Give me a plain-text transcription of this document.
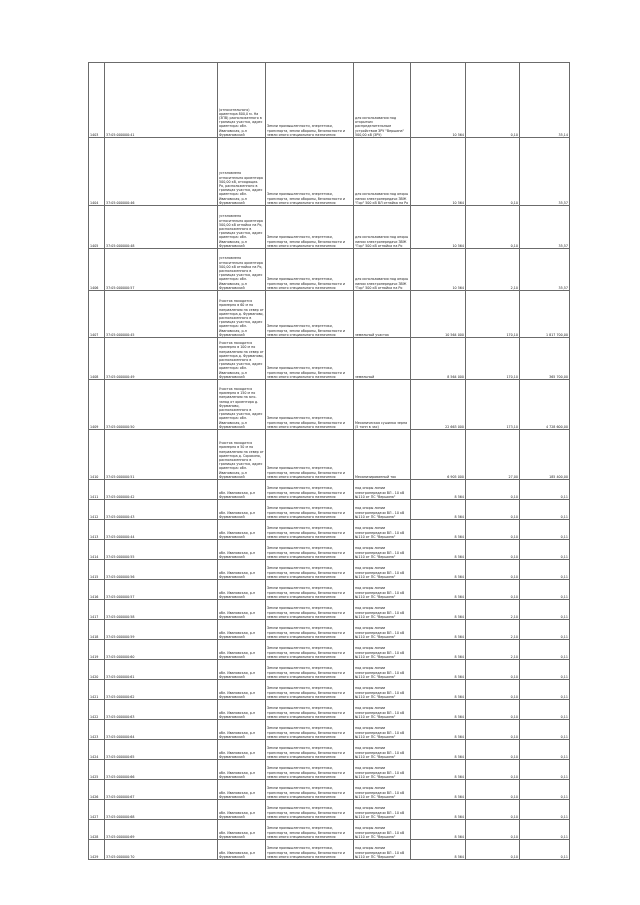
1403	37:05:000000:41	(относительного) ориентира 800,0 м. На (ЗПВ) расположенного в границах участка, адрес ориентира: обл. Ивановская, р-н Фурмановский	Земли промышленности, энергетики, транспорта, земли обороны, безопасности и земли иного специального назначения	для использования под открытым распределительным устройством ЗРУ "Вершина" 500,00 кВ (ЗРУ)	10 564	0,10	35,14
1404	37:05:000000:46	установлено относительно ориентира 500,00 кВ, отходящих. Ро, расположенного в границах участка, адрес ориентира: обл. Ивановская, р-н Фурмановский	Земли промышленности, энергетики, транспорта, земли обороны, безопасности и земли иного специального назначения	для использования под опоры линии электропередачи ЗВЖ "Гор" 500 кВ ВЛ отпайка на Ро	10 564	0,10	35,57
1405	37:05:000000:48	установлено относительно ориентира 500,00 кВ отпайка на Ро, расположенного в границах участка, адрес ориентира: обл. Ивановская, р-н Фурмановский	Земли промышленности, энергетики, транспорта, земли обороны, безопасности и земли иного специального назначения	для использования под опоры линии электропередачи ЗВЖ "Гор" 500 кВ отпайка на Ро	10 564	0,10	35,57
1406	37:05:000000:57	установлено относительно ориентира 500,00 кВ отпайка на Ро, расположенного в границах участка, адрес ориентира: обл. Ивановская, р-н Фурмановский	Земли промышленности, энергетики, транспорта, земли обороны, безопасности и земли иного специального назначения	для использования под опоры линии электропередачи ЗВЖ "Гор" 500 кВ отпайка на Ро	10 564	2,10	35,57
1407	37:05:000000:45	Участок находится примерно в 60 м по направлению на север от ориентира д. Фурманово, расположенного в границах участка, адрес ориентира: обл. Ивановская, р-н Фурмановский	Земли промышленности, энергетики, транспорта, земли обороны, безопасности и земли иного специального назначения	земельный участок	10 564 000	170,10	1 817 700,00
1408	37:05:000000:49	Участок находится примерно в 100 м по направлению на север от ориентира д. Фурманово, расположенного в границах участка, адрес ориентира: обл. Ивановская, р-н Фурмановский	Земли промышленности, энергетики, транспорта, земли обороны, безопасности и земли иного специального назначения	земельный	8 564 000	170,10	365 700,00
1409	37:05:000000:50	Участок находится примерно в 150 м по направлению на юго-запад от ориентира д. Фурманово, расположенного в границах участка, адрес ориентира: обл. Ивановская, р-н Фурмановский	Земли промышленности, энергетики, транспорта, земли обороны, безопасности и земли иного специального назначения	Механическая сушилка зерна (5 тонн в час)	22 663 000	173,10	4 728 600,00
1410	37:05:000000:51	Участок находится примерно в 50 м по направлению на север от ориентира д. Сорокино, расположенного в границах участка, адрес ориентира: обл. Ивановская, р-н Фурмановский	Земли промышленности, энергетики, транспорта, земли обороны, безопасности и земли иного специального назначения	Механизированный ток	6 905 000	27,00	185 400,00
1411	37:05:000000:42	обл. Ивановская, р-н Фурмановский	Земли промышленности, энергетики, транспорта, земли обороны, безопасности и земли иного специального назначения	под опоры линии электропередачи ВЛ - 10 кВ №110 от ПС "Вершина"	8 564	0,10	0,11
1412	37:05:000000:43	обл. Ивановская, р-н Фурмановский	Земли промышленности, энергетики, транспорта, земли обороны, безопасности и земли иного специального назначения	под опоры линии электропередачи ВЛ - 10 кВ №110 от ПС "Вершина"	8 564	0,10	0,11
1413	37:05:000000:44	обл. Ивановская, р-н Фурмановский	Земли промышленности, энергетики, транспорта, земли обороны, безопасности и земли иного специального назначения	под опоры линии электропередачи ВЛ - 10 кВ №110 от ПС "Вершина"	8 564	0,10	0,11
1414	37:05:000000:55	обл. Ивановская, р-н Фурмановский	Земли промышленности, энергетики, транспорта, земли обороны, безопасности и земли иного специального назначения	под опоры линии электропередачи ВЛ - 10 кВ №110 от ПС "Вершина"	8 564	0,10	0,11
1415	37:05:000000:56	обл. Ивановская, р-н Фурмановский	Земли промышленности, энергетики, транспорта, земли обороны, безопасности и земли иного специального назначения	под опоры линии электропередачи ВЛ - 10 кВ №110 от ПС "Вершина"	8 564	0,10	0,11
1416	37:05:000000:57	обл. Ивановская, р-н Фурмановский	Земли промышленности, энергетики, транспорта, земли обороны, безопасности и земли иного специального назначения	под опоры линии электропередачи ВЛ - 10 кВ №110 от ПС "Вершина"	8 564	0,10	0,11
1417	37:05:000000:58	обл. Ивановская, р-н Фурмановский	Земли промышленности, энергетики, транспорта, земли обороны, безопасности и земли иного специального назначения	под опоры линии электропередачи ВЛ - 10 кВ №110 от ПС "Вершина"	8 564	2,10	0,11
1418	37:05:000000:59	обл. Ивановская, р-н Фурмановский	Земли промышленности, энергетики, транспорта, земли обороны, безопасности и земли иного специального назначения	под опоры линии электропередачи ВЛ - 10 кВ №110 от ПС "Вершина"	8 564	2,10	0,11
1419	37:05:000000:60	обл. Ивановская, р-н Фурмановский	Земли промышленности, энергетики, транспорта, земли обороны, безопасности и земли иного специального назначения	под опоры линии электропередачи ВЛ - 10 кВ №110 от ПС "Вершина"	8 564	2,10	0,11
1420	37:05:000000:61	обл. Ивановская, р-н Фурмановский	Земли промышленности, энергетики, транспорта, земли обороны, безопасности и земли иного специального назначения	под опоры линии электропередачи ВЛ - 10 кВ №110 от ПС "Вершина"	8 564	0,10	0,11
1421	37:05:000000:62	обл. Ивановская, р-н Фурмановский	Земли промышленности, энергетики, транспорта, земли обороны, безопасности и земли иного специального назначения	под опоры линии электропередачи ВЛ - 10 кВ №110 от ПС "Вершина"	8 564	0,10	0,11
1422	37:05:000000:63	обл. Ивановская, р-н Фурмановский	Земли промышленности, энергетики, транспорта, земли обороны, безопасности и земли иного специального назначения	под опоры линии электропередачи ВЛ - 10 кВ №110 от ПС "Вершина"	8 564	0,10	0,11
1423	37:05:000000:64	обл. Ивановская, р-н Фурмановский	Земли промышленности, энергетики, транспорта, земли обороны, безопасности и земли иного специального назначения	под опоры линии электропередачи ВЛ - 10 кВ №110 от ПС "Вершина"	8 564	0,10	0,11
1424	37:05:000000:65	обл. Ивановская, р-н Фурмановский	Земли промышленности, энергетики, транспорта, земли обороны, безопасности и земли иного специального назначения	под опоры линии электропередачи ВЛ - 10 кВ №110 от ПС "Вершина"	8 564	0,10	0,11
1425	37:05:000000:66	обл. Ивановская, р-н Фурмановский	Земли промышленности, энергетики, транспорта, земли обороны, безопасности и земли иного специального назначения	под опоры линии электропередачи ВЛ - 10 кВ №110 от ПС "Вершина"	8 564	0,10	0,11
1426	37:05:000000:67	обл. Ивановская, р-н Фурмановский	Земли промышленности, энергетики, транспорта, земли обороны, безопасности и земли иного специального назначения	под опоры линии электропередачи ВЛ - 10 кВ №110 от ПС "Вершина"	8 564	0,10	0,11
1427	37:05:000000:68	обл. Ивановская, р-н Фурмановский	Земли промышленности, энергетики, транспорта, земли обороны, безопасности и земли иного специального назначения	под опоры линии электропередачи ВЛ - 10 кВ №110 от ПС "Вершина"	8 564	0,10	0,11
1428	37:05:000000:69	обл. Ивановская, р-н Фурмановский	Земли промышленности, энергетики, транспорта, земли обороны, безопасности и земли иного специального назначения	под опоры линии электропередачи ВЛ - 10 кВ №110 от ПС "Вершина"	8 564	0,10	0,11
1429	37:05:000000:70	обл. Ивановская, р-н Фурмановский	Земли промышленности, энергетики, транспорта, земли обороны, безопасности и земли иного специального назначения	под опоры линии электропередачи ВЛ - 10 кВ №110 от ПС "Вершина"	8 564	0,10	0,11
